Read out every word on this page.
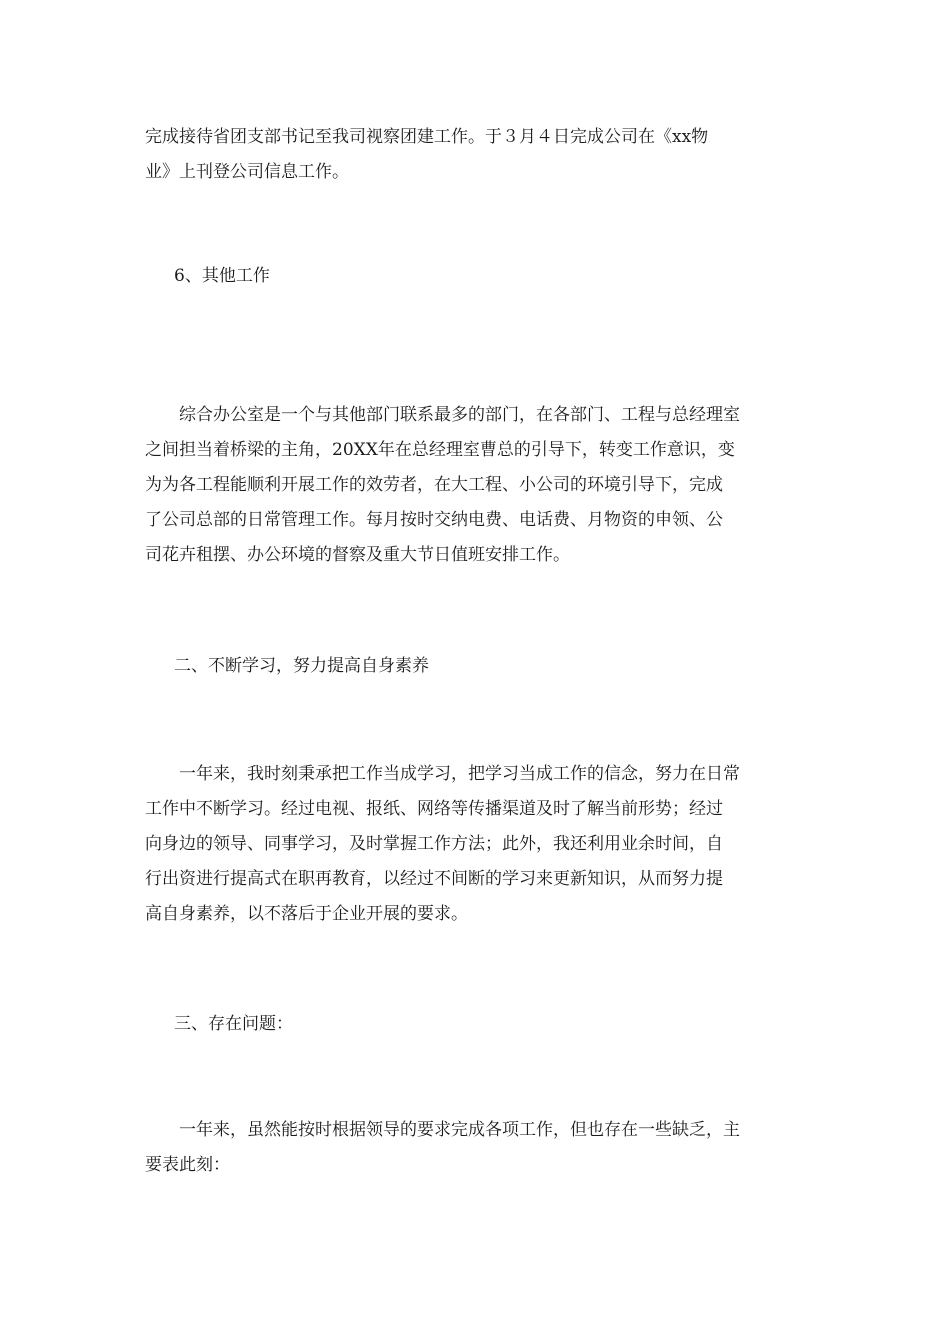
完成接待省团支部书记至我司视察团建工作。于３月４日完成公司在《xx物
业》上刊登公司信息工作。
6、其他工作
　　综合办公室是一个与其他部门联系最多的部门，在各部门、工程与总经理室
之间担当着桥梁的主角，20XX年在总经理室曹总的引导下，转变工作意识，变
为为各工程能顺利开展工作的效劳者，在大工程、小公司的环境引导下，完成
了公司总部的日常管理工作。每月按时交纳电费、电话费、月物资的申领、公
司花卉租摆、办公环境的督察及重大节日值班安排工作。
二、不断学习，努力提高自身素养
　　一年来，我时刻秉承把工作当成学习，把学习当成工作的信念，努力在日常
工作中不断学习。经过电视、报纸、网络等传播渠道及时了解当前形势；经过
向身边的领导、同事学习，及时掌握工作方法；此外，我还利用业余时间，自
行出资进行提高式在职再教育，以经过不间断的学习来更新知识，从而努力提
高自身素养，以不落后于企业开展的要求。
三、存在问题：
　　一年来，虽然能按时根据领导的要求完成各项工作，但也存在一些缺乏，主
要表此刻：
